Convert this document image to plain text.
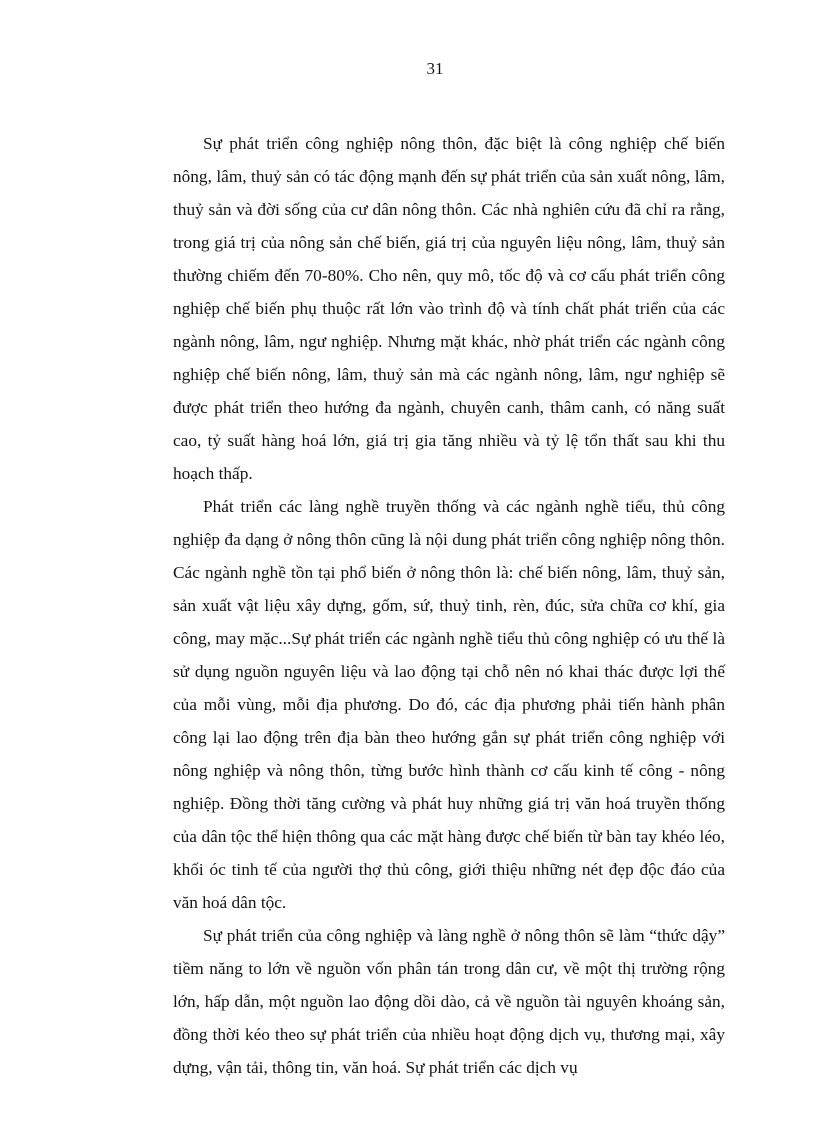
31

Sự phát triển công nghiệp nông thôn, đặc biệt là công nghiệp chế biến nông, lâm, thuỷ sản có tác động mạnh đến sự phát triển của sản xuất nông, lâm, thuỷ sản và đời sống của cư dân nông thôn. Các nhà nghiên cứu đã chỉ ra rằng, trong giá trị của nông sản chế biến, giá trị của nguyên liệu nông, lâm, thuỷ sản thường chiếm đến 70-80%. Cho nên, quy mô, tốc độ và cơ cấu phát triển công nghiệp chế biến phụ thuộc rất lớn vào trình độ và tính chất phát triển của các ngành nông, lâm, ngư nghiệp. Nhưng mặt khác, nhờ phát triển các ngành công nghiệp chế biến nông, lâm, thuỷ sản mà các ngành nông, lâm, ngư nghiệp sẽ được phát triển theo hướng đa ngành, chuyên canh, thâm canh, có năng suất cao, tỷ suất hàng hoá lớn, giá trị gia tăng nhiều và tỷ lệ tổn thất sau khi thu hoạch thấp.

Phát triển các làng nghề truyền thống và các ngành nghề tiểu, thủ công nghiệp đa dạng ở nông thôn cũng là nội dung phát triển công nghiệp nông thôn. Các ngành nghề tồn tại phổ biến ở nông thôn là: chế biến nông, lâm, thuỷ sản, sản xuất vật liệu xây dựng, gốm, sứ, thuỷ tinh, rèn, đúc, sửa chữa cơ khí, gia công, may mặc...Sự phát triển các ngành nghề tiểu thủ công nghiệp có ưu thế là sử dụng nguồn nguyên liệu và lao động tại chỗ nên nó khai thác được lợi thế của mỗi vùng, mỗi địa phương. Do đó, các địa phương phải tiến hành phân công lại lao động trên địa bàn theo hướng gắn sự phát triển công nghiệp với nông nghiệp và nông thôn, từng bước hình thành cơ cấu kinh tế công - nông nghiệp. Đồng thời tăng cường và phát huy những giá trị văn hoá truyền thống của dân tộc thể hiện thông qua các mặt hàng được chế biến từ bàn tay khéo léo, khối óc tinh tế của người thợ thủ công, giới thiệu những nét đẹp độc đáo của văn hoá dân tộc.

Sự phát triển của công nghiệp và làng nghề ở nông thôn sẽ làm “thức dậy” tiềm năng to lớn về nguồn vốn phân tán trong dân cư, về một thị trường rộng lớn, hấp dẫn, một nguồn lao động dồi dào, cả về nguồn tài nguyên khoáng sản, đồng thời kéo theo sự phát triển của nhiều hoạt động dịch vụ, thương mại, xây dựng, vận tải, thông tin, văn hoá. Sự phát triển các dịch vụ
